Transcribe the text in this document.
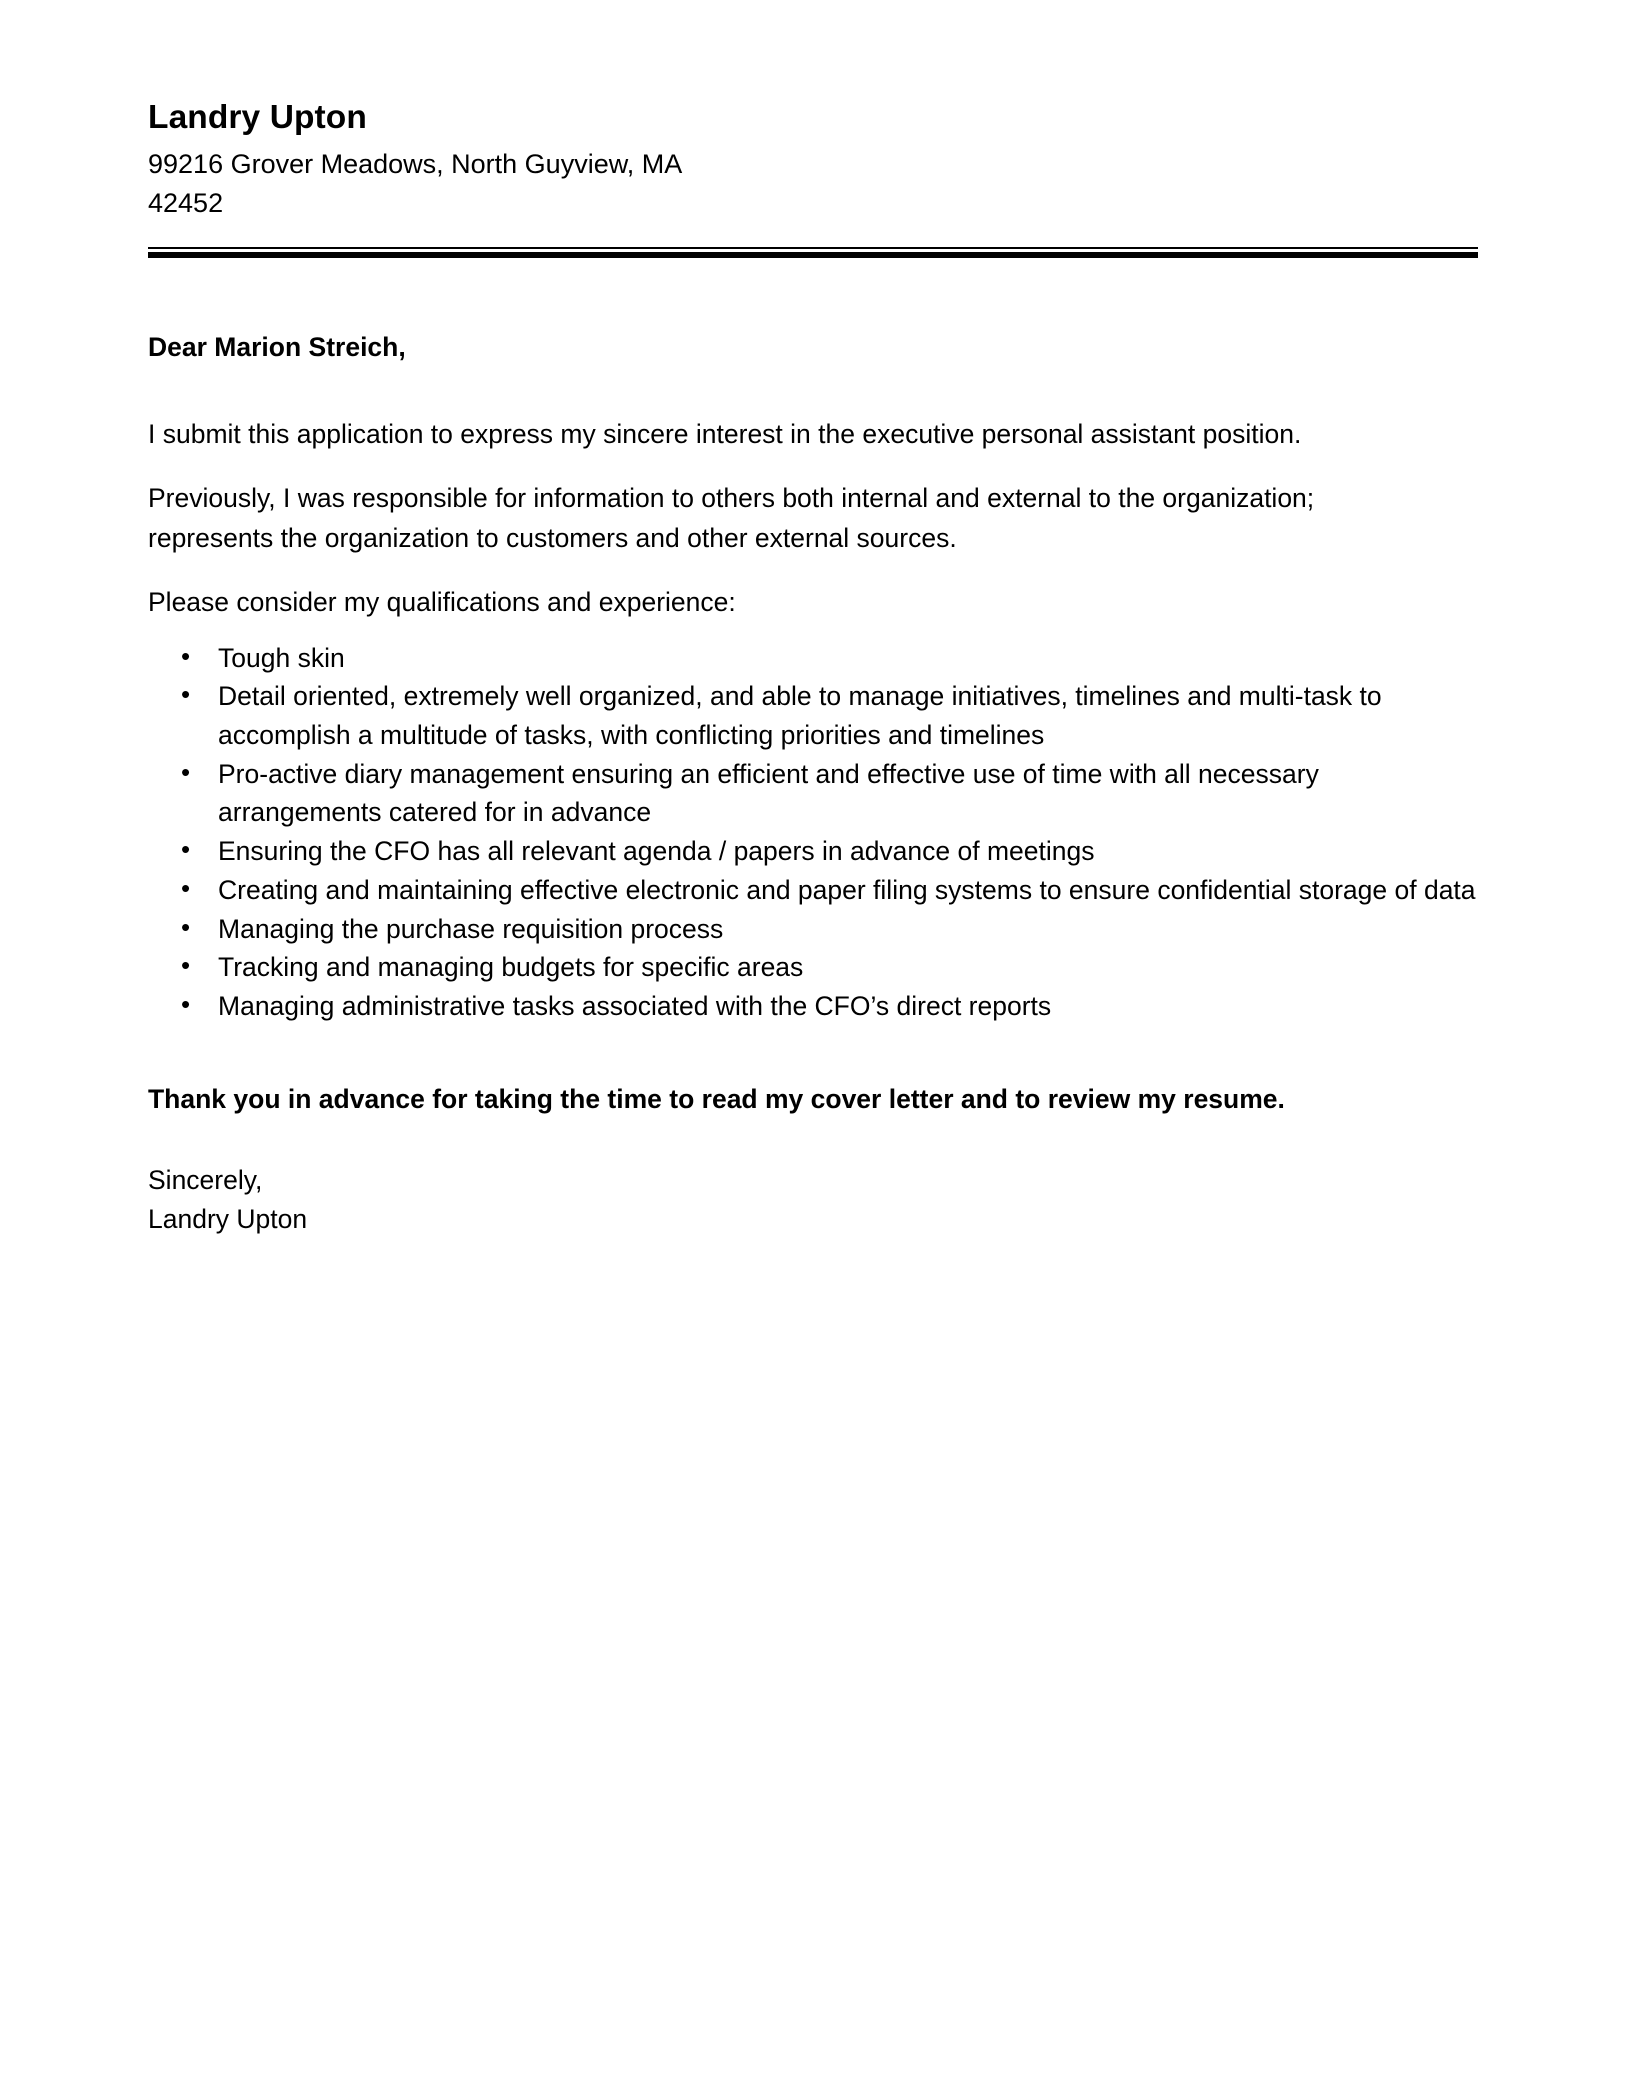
Landry Upton

99216 Grover Meadows, North Guyview, MA

42452

Dear Marion Streich,

I submit this application to express my sincere interest in the executive personal assistant position.

Previously, I was responsible for information to others both internal and external to the organization; represents the organization to customers and other external sources.

Please consider my qualifications and experience:

• Tough skin
• Detail oriented, extremely well organized, and able to manage initiatives, timelines and multi-task to accomplish a multitude of tasks, with conflicting priorities and timelines
• Pro-active diary management ensuring an efficient and effective use of time with all necessary arrangements catered for in advance
• Ensuring the CFO has all relevant agenda / papers in advance of meetings
• Creating and maintaining effective electronic and paper filing systems to ensure confidential storage of data
• Managing the purchase requisition process
• Tracking and managing budgets for specific areas
• Managing administrative tasks associated with the CFO’s direct reports

Thank you in advance for taking the time to read my cover letter and to review my resume.

Sincerely,

Landry Upton
